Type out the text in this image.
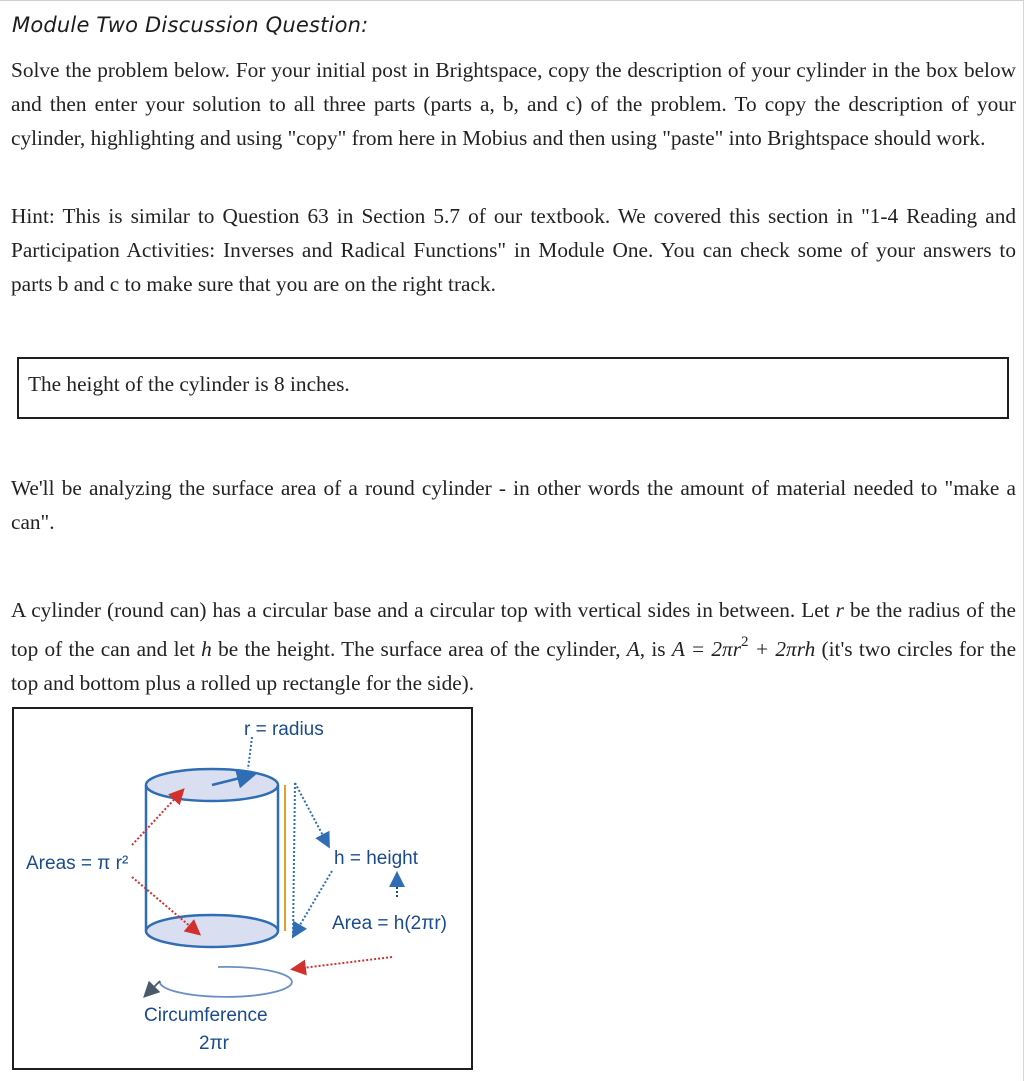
Module Two Discussion Question:

Solve the problem below. For your initial post in Brightspace, copy the description of your cylinder in the box below and then enter your solution to all three parts (parts a, b, and c) of the problem. To copy the description of your cylinder, highlighting and using "copy" from here in Mobius and then using "paste" into Brightspace should work.

Hint: This is similar to Question 63 in Section 5.7 of our textbook. We covered this section in "1-4 Reading and Participation Activities: Inverses and Radical Functions" in Module One. You can check some of your answers to parts b and c to make sure that you are on the right track.

The height of the cylinder is 8 inches.

We'll be analyzing the surface area of a round cylinder - in other words the amount of material needed to "make a can".

A cylinder (round can) has a circular base and a circular top with vertical sides in between. Let r be the radius of the top of the can and let h be the height. The surface area of the cylinder, A, is $A = 2\pi r^2 + 2\pi rh$ (it's two circles for the top and bottom plus a rolled up rectangle for the side).

r = radius
Areas = π r²	h = height
Area = h(2πr)
Circumference
2πr
